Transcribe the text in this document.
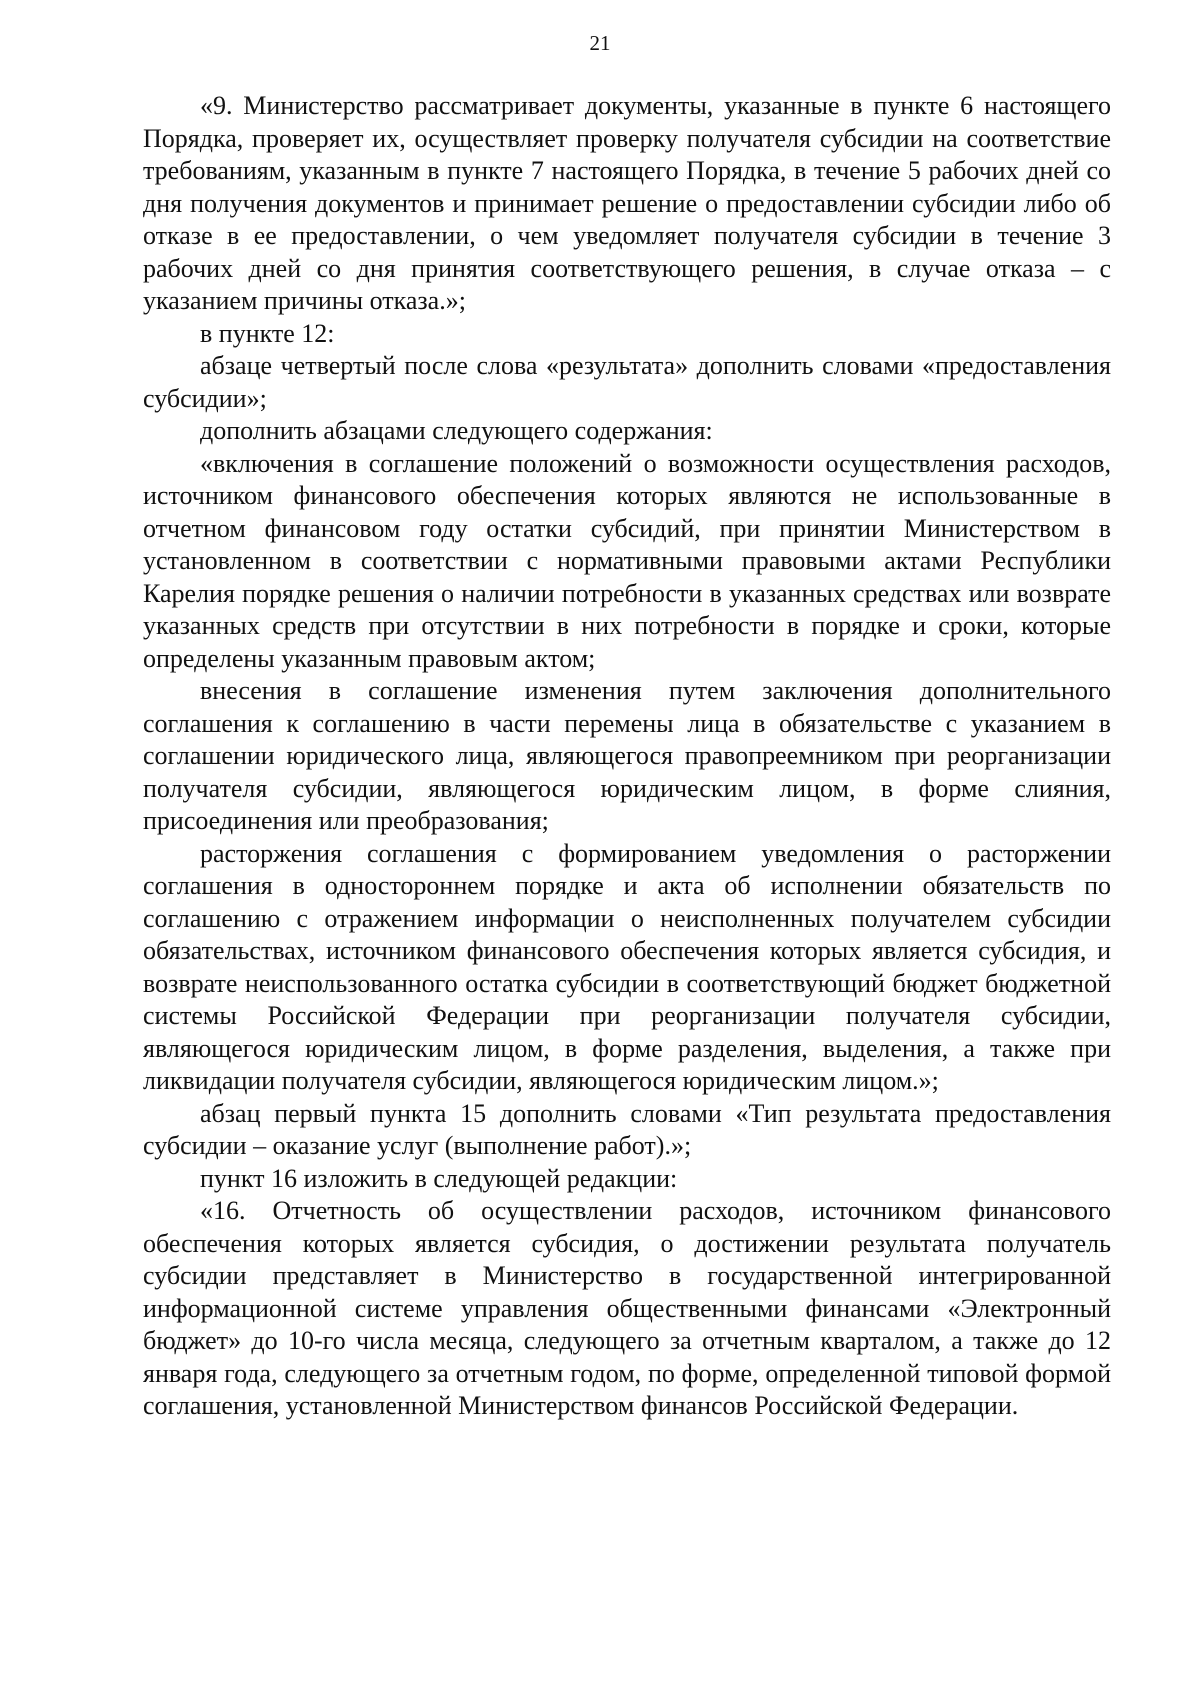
21

«9. Министерство рассматривает документы, указанные в пункте 6 настоящего Порядка, проверяет их, осуществляет проверку получателя субсидии на соответствие требованиям, указанным в пункте 7 настоящего Порядка, в течение 5 рабочих дней со дня получения документов и принимает решение о предоставлении субсидии либо об отказе в ее предоставлении, о чем уведомляет получателя субсидии в течение 3 рабочих дней со дня принятия соответствующего решения, в случае отказа – с указанием причины отказа.»;

в пункте 12:

абзаце четвертый после слова «результата» дополнить словами «предоставления субсидии»;

дополнить абзацами следующего содержания:

«включения в соглашение положений о возможности осуществления расходов, источником финансового обеспечения которых являются не использованные в отчетном финансовом году остатки субсидий, при принятии Министерством в установленном в соответствии с нормативными правовыми актами Республики Карелия порядке решения о наличии потребности в указанных средствах или возврате указанных средств при отсутствии в них потребности в порядке и сроки, которые определены указанным правовым актом;

внесения в соглашение изменения путем заключения дополнительного соглашения к соглашению в части перемены лица в обязательстве с указанием в соглашении юридического лица, являющегося правопреемником при реорганизации получателя субсидии, являющегося юридическим лицом, в форме слияния, присоединения или преобразования;

расторжения соглашения с формированием уведомления о расторжении соглашения в одностороннем порядке и акта об исполнении обязательств по соглашению с отражением информации о неисполненных получателем субсидии обязательствах, источником финансового обеспечения которых является субсидия, и возврате неиспользованного остатка субсидии в соответствующий бюджет бюджетной системы Российской Федерации при реорганизации получателя субсидии, являющегося юридическим лицом, в форме разделения, выделения, а также при ликвидации получателя субсидии, являющегося юридическим лицом.»;

абзац первый пункта 15 дополнить словами «Тип результата предоставления субсидии – оказание услуг (выполнение работ).»;

пункт 16 изложить в следующей редакции:

«16. Отчетность об осуществлении расходов, источником финансового обеспечения которых является субсидия, о достижении результата получатель субсидии представляет в Министерство в государственной интегрированной информационной системе управления общественными финансами «Электронный бюджет» до 10-го числа месяца, следующего за отчетным кварталом, а также до 12 января года, следующего за отчетным годом, по форме, определенной типовой формой соглашения, установленной Министерством финансов Российской Федерации.
